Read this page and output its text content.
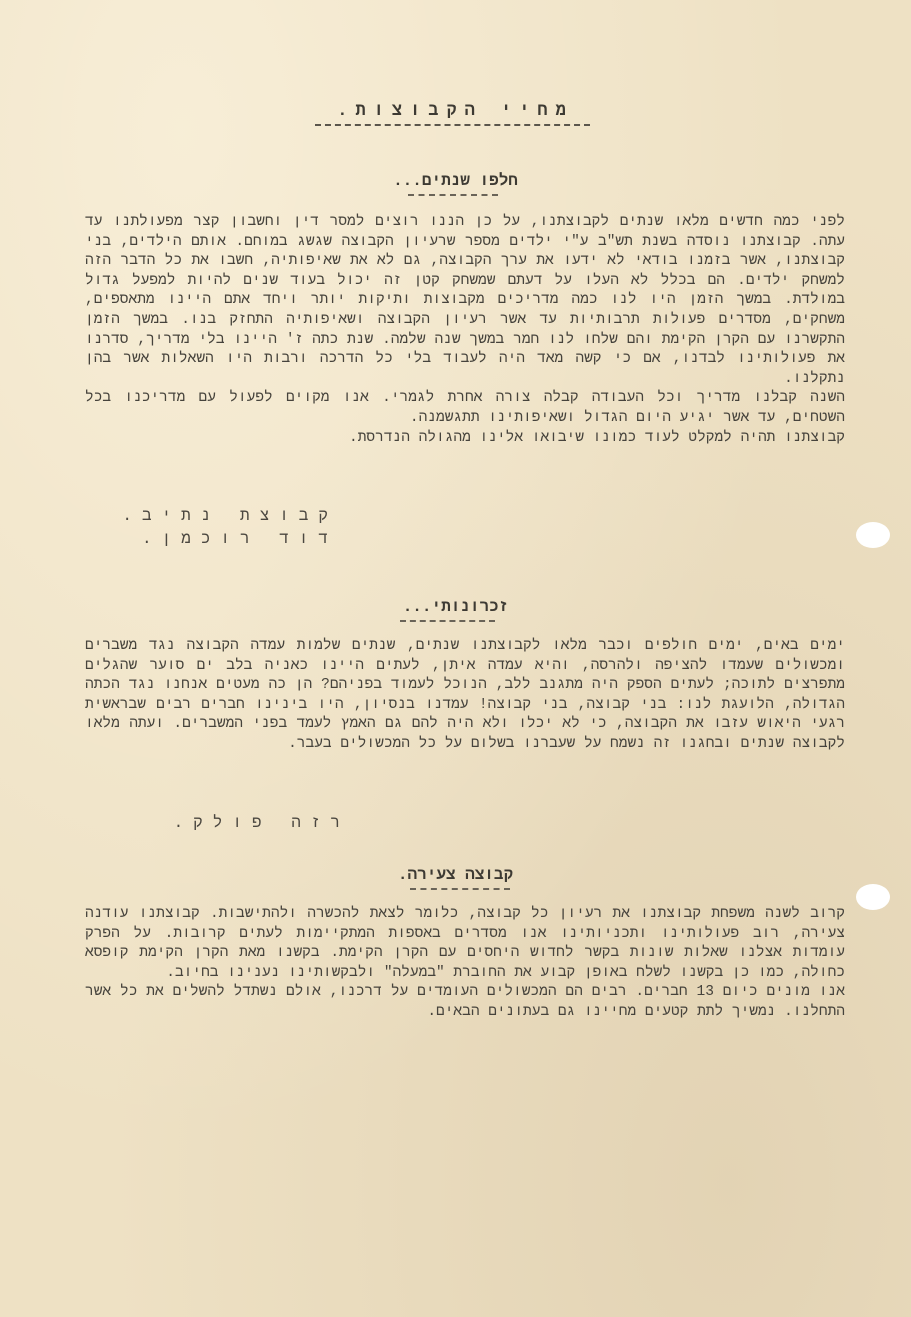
מחיי הקבוצות.
חלפו שנתים...

לפני כמה חדשים מלאו שנתים לקבוצתנו, על כן הננו רוצים למסר דין וחשבון קצר מפעולתנו עד עתה. קבוצתנו נוסדה בשנת תש"ב ע"י ילדים מספר שרעיון הקבוצה שגשג במוחם. אותם הילדים, בני קבוצתנו, אשר בזמנו בודאי לא ידעו את ערך הקבוצה, גם לא את שאיפותיה, חשבו את כל הדבר הזה למשחק ילדים. הם בכלל לא העלו על דעתם שמשחק קטן זה יכול בעוד שנים להיות למפעל גדול במולדת. במשך הזמן היו לנו כמה מדריכים מקבוצות ותיקות יותר ויחד אתם היינו מתאספים, משחקים, מסדרים פעולות תרבותיות עד אשר רעיון הקבוצה ושאיפותיה התחזק בנו. במשך הזמן התקשרנו עם הקרן הקימת והם שלחו לנו חמר במשך שנה שלמה. שנת כתה ז' היינו בלי מדריך, סדרנו את פעולותינו לבדנו, אם כי קשה מאד היה לעבוד בלי כל הדרכה ורבות היו השאלות אשר בהן נתקלנו.

השנה קבלנו מדריך וכל העבודה קבלה צורה אחרת לגמרי. אנו מקוים לפעול עם מדריכנו בכל השטחים, עד אשר יגיע היום הגדול ושאיפותינו תתגשמנה.

קבוצתנו תהיה למקלט לעוד כמונו שיבואו אלינו מהגולה הנדרסת.

קבוצת נתיב.
דוד רוכמן.
זכרונותי...

ימים באים, ימים חולפים וכבר מלאו לקבוצתנו שנתים, שנתים שלמות עמדה הקבוצה נגד משברים ומכשולים שעמדו להציפה ולהרסה, והיא עמדה איתן, לעתים היינו כאניה בלב ים סוער שהגלים מתפרצים לתוכה; לעתים הספק היה מתגנב ללב, הנוכל לעמוד בפניהם? הן כה מעטים אנחנו נגד הכתה הגדולה, הלועגת לנו: בני קבוצה, בני קבוצה! עמדנו בנסיון, היו בינינו חברים רבים שבראשית רגעי היאוש עזבו את הקבוצה, כי לא יכלו ולא היה להם גם האמץ לעמד בפני המשברים. ועתה מלאו לקבוצה שנתים ובחגנו זה נשמח על שעברנו בשלום על כל המכשולים בעבר.

רזה פולק.
קבוצה צעירה.

קרוב לשנה משפחת קבוצתנו את רעיון כל קבוצה, כלומר לצאת להכשרה ולהתישבות. קבוצתנו עודנה צעירה, רוב פעולותינו ותכניותינו אנו מסדרים באספות המתקיימות לעתים קרובות. על הפרק עומדות אצלנו שאלות שונות בקשר לחדוש היחסים עם הקרן הקימת. בקשנו מאת הקרן הקימת קופסא כחולה, כמו כן בקשנו לשלח באופן קבוע את החוברת "במעלה" ולבקשותינו נענינו בחיוב.

אנו מונים כיום 13 חברים. רבים הם המכשולים העומדים על דרכנו, אולם נשתדל להשלים את כל אשר התחלנו. נמשיך לתת קטעים מחיינו גם בעתונים הבאים.
